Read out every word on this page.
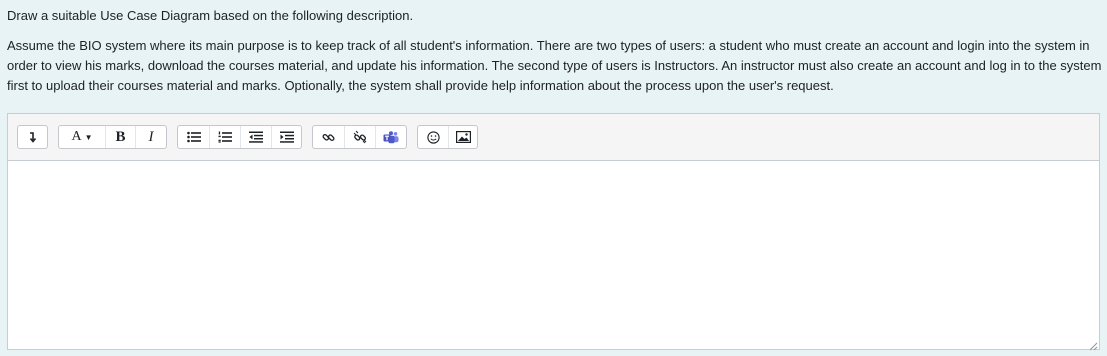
Draw a suitable Use Case Diagram based on the following description.

Assume the BIO system where its main purpose is to keep track of all student's information. There are two types of users: a student who must create an account and login into the system in order to view his marks, download the courses material, and update his information. The second type of users is Instructors. An instructor must also create an account and log in to the system first to upload their courses material and marks. Optionally, the system shall provide help information about the process upon the user's request.

A ▼ B I
